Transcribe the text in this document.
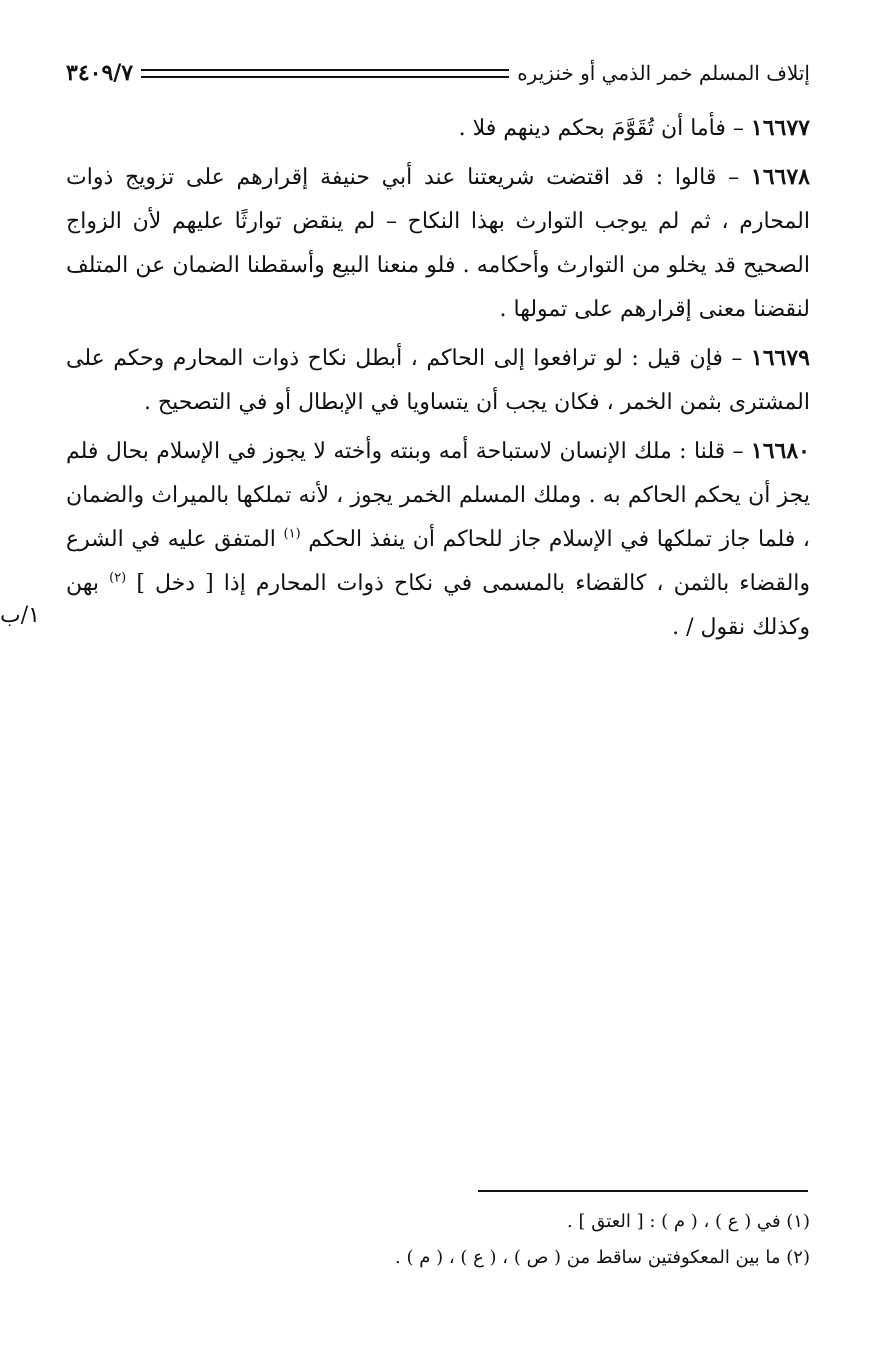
إتلاف المسلم خمر الذمي أو خنزيره
٣٤٠٩/٧

١٦٦٧٧ – فأما أن تُقَوَّمَ بحكم دينهم فلا .

١٦٦٧٨ – قالوا : قد اقتضت شريعتنا عند أبي حنيفة إقرارهم على تزويج ذوات المحارم ، ثم لم يوجب التوارث بهذا النكاح – لم ينقض توارثًا عليهم لأن الزواج الصحيح قد يخلو من التوارث وأحكامه . فلو منعنا البيع وأسقطنا الضمان عن المتلف لنقضنا معنى إقرارهم على تمولها .

١٦٦٧٩ – فإن قيل : لو ترافعوا إلى الحاكم ، أبطل نكاح ذوات المحارم وحكم على المشترى بثمن الخمر ، فكان يجب أن يتساويا في الإبطال أو في التصحيح .

١٦٦٨٠ – قلنا : ملك الإنسان لاستباحة أمه وبنته وأخته لا يجوز في الإسلام بحال فلم يجز أن يحكم الحاكم به . وملك المسلم الخمر يجوز ، لأنه تملكها بالميراث والضمان ، فلما جاز تملكها في الإسلام جاز للحاكم أن ينفذ الحكم $^{(١)}$ المتفق عليه في الشرع والقضاء بالثمن ، كالقضاء بالمسمى في نكاح ذوات المحارم إذا [ دخل ] $^{(٢)}$ بهن وكذلك نقول / .

١/ب

(١) في ( ع ) ، ( م ) : [ العتق ] .

(٢) ما بين المعكوفتين ساقط من ( ص ) ، ( ع ) ، ( م ) .
